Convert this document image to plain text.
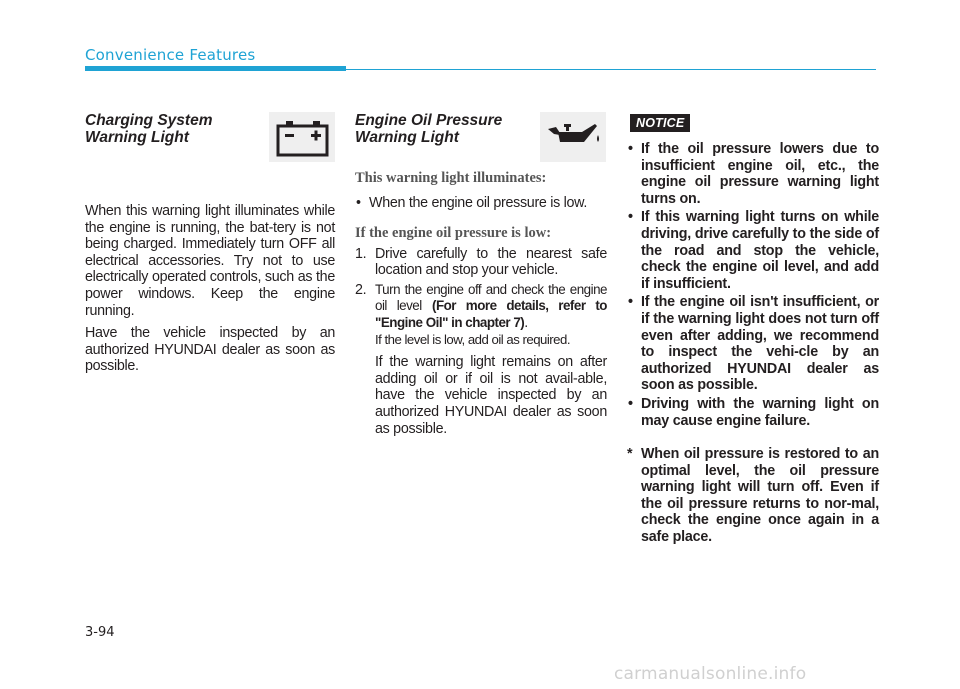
Convenience Features
Charging System
Warning Light

When this warning light illuminates while the engine is running, the bat-tery is not being charged. Immediately turn OFF all electrical accessories. Try not to use electrically operated controls, such as the power windows. Keep the engine running.

Have the vehicle inspected by an authorized HYUNDAI dealer as soon as possible.

Engine Oil Pressure
Warning Light

This warning light illuminates:

• When the engine oil pressure is low.

If the engine oil pressure is low:

1. Drive carefully to the nearest safe location and stop your vehicle.
2. Turn the engine off and check the engine oil level (For more details, refer to "Engine Oil" in chapter 7).
If the level is low, add oil as required.
If the warning light remains on after adding oil or if oil is not avail-able, have the vehicle inspected by an authorized HYUNDAI dealer as soon as possible.
NOTICE
• If the oil pressure lowers due to insufficient engine oil, etc., the engine oil pressure warning light turns on.
• If this warning light turns on while driving, drive carefully to the side of the road and stop the vehicle, check the engine oil level, and add if insufficient.
• If the engine oil isn't insufficient, or if the warning light does not turn off even after adding, we recommend to inspect the vehi-cle by an authorized HYUNDAI dealer as soon as possible.
• Driving with the warning light on may cause engine failure.
* When oil pressure is restored to an optimal level, the oil pressure warning light will turn off. Even if the oil pressure returns to nor-mal, check the engine once again in a safe place.
3-94
carmanualsonline.info
